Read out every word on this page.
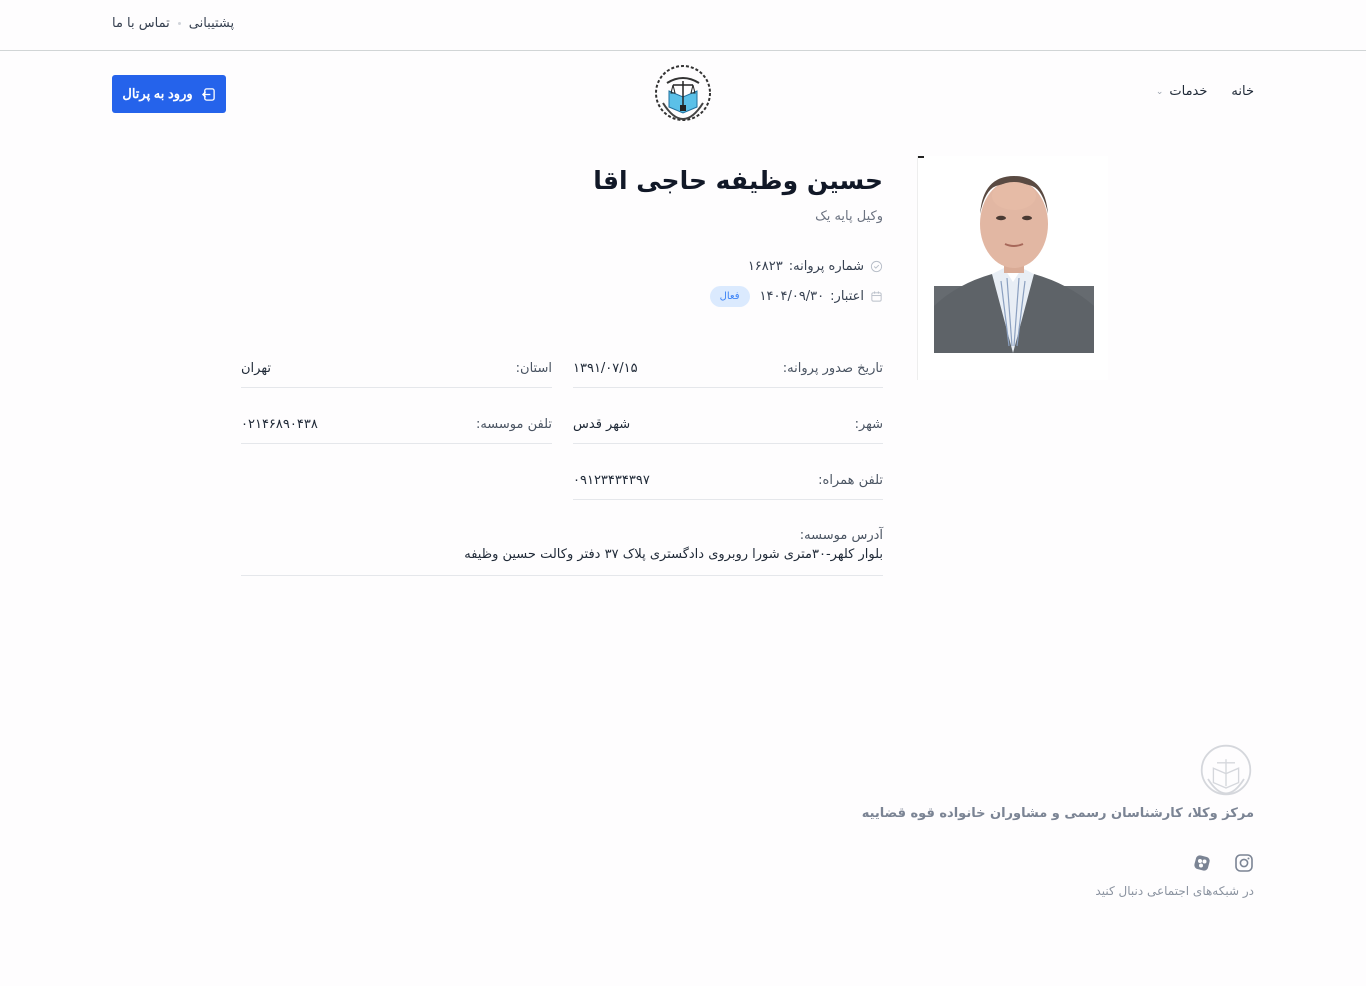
پشتیبانی
تماس با ما
خانه
خدمات
⌄
ورود به پرتال
حسین وظیفه حاجی اقا
وکیل پایه یک
شماره پروانه:
۱۶۸۲۳
اعتبار:
۱۴۰۴/۰۹/۳۰
فعال
تاریخ صدور پروانه:
۱۳۹۱/۰۷/۱۵
استان:
تهران
شهر:
شهر قدس
تلفن موسسه:
۰۲۱۴۶۸۹۰۴۳۸
تلفن همراه:
۰۹۱۲۳۴۳۴۳۹۷
آدرس موسسه:
بلوار کلهر-۳۰متری شورا روبروی دادگستری پلاک ۳۷ دفتر وکالت حسین وظیفه
مرکز وکلا، کارشناسان رسمی و مشاوران خانواده قوه قضاییه
در شبکه‌های اجتماعی دنبال کنید
